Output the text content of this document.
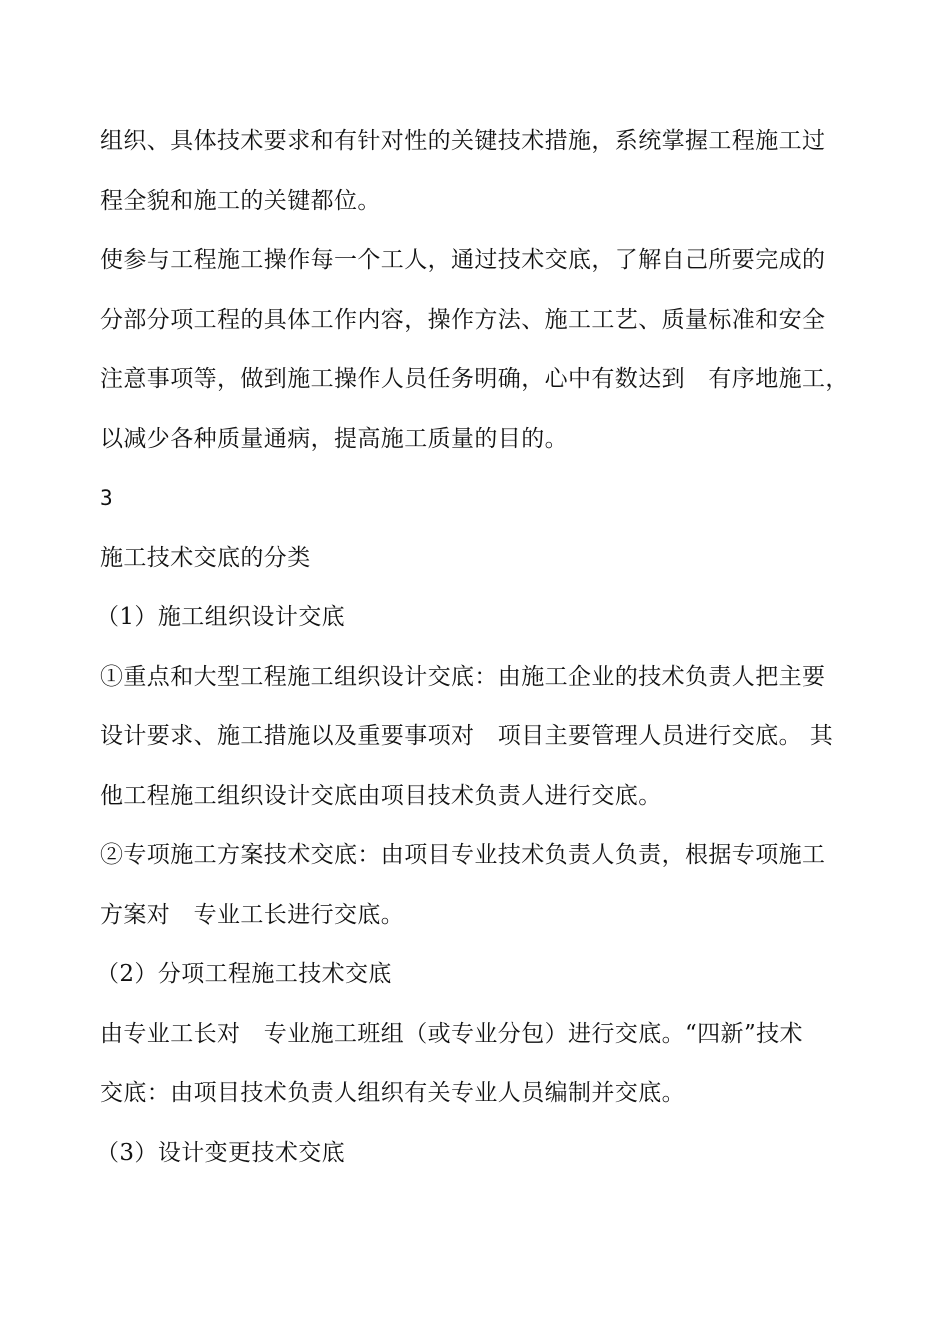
组织、具体技术要求和有针对性的关键技术措施，系统掌握工程施工过
程全貌和施工的关键都位。
使参与工程施工操作每一个工人，通过技术交底，了解自己所要完成的
分部分项工程的具体工作内容，操作方法、施工工艺、质量标准和安全
注意事项等，做到施工操作人员任务明确，心中有数达到　有序地施工，
以减少各种质量通病，提高施工质量的目的。
3
施工技术交底的分类
（1）施工组织设计交底
①重点和大型工程施工组织设计交底：由施工企业的技术负责人把主要
设计要求、施工措施以及重要事项对　项目主要管理人员进行交底。 其
他工程施工组织设计交底由项目技术负责人进行交底。
②专项施工方案技术交底：由项目专业技术负责人负责，根据专项施工
方案对　专业工长进行交底。
（2）分项工程施工技术交底
由专业工长对　专业施工班组（或专业分包）进行交底。“四新”技术
交底：由项目技术负责人组织有关专业人员编制并交底。
（3）设计变更技术交底
